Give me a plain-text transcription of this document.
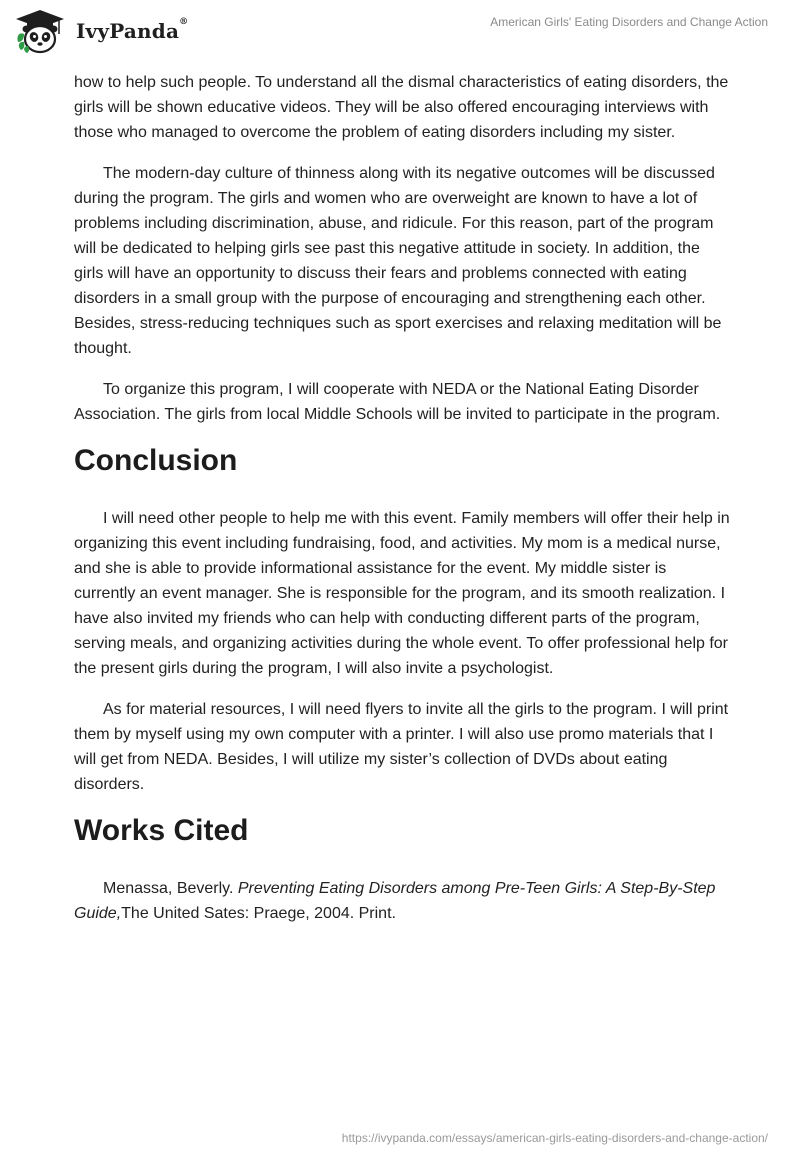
IvyPanda®	American Girls' Eating Disorders and Change Action

how to help such people. To understand all the dismal characteristics of eating disorders, the girls will be shown educative videos. They will be also offered encouraging interviews with those who managed to overcome the problem of eating disorders including my sister.

The modern-day culture of thinness along with its negative outcomes will be discussed during the program. The girls and women who are overweight are known to have a lot of problems including discrimination, abuse, and ridicule. For this reason, part of the program will be dedicated to helping girls see past this negative attitude in society. In addition, the girls will have an opportunity to discuss their fears and problems connected with eating disorders in a small group with the purpose of encouraging and strengthening each other. Besides, stress-reducing techniques such as sport exercises and relaxing meditation will be thought.

To organize this program, I will cooperate with NEDA or the National Eating Disorder Association. The girls from local Middle Schools will be invited to participate in the program.

Conclusion

I will need other people to help me with this event. Family members will offer their help in organizing this event including fundraising, food, and activities. My mom is a medical nurse, and she is able to provide informational assistance for the event. My middle sister is currently an event manager. She is responsible for the program, and its smooth realization. I have also invited my friends who can help with conducting different parts of the program, serving meals, and organizing activities during the whole event. To offer professional help for the present girls during the program, I will also invite a psychologist.

As for material resources, I will need flyers to invite all the girls to the program. I will print them by myself using my own computer with a printer. I will also use promo materials that I will get from NEDA. Besides, I will utilize my sister’s collection of DVDs about eating disorders.

Works Cited

Menassa, Beverly. Preventing Eating Disorders among Pre-Teen Girls: A Step-By-Step Guide,The United Sates: Praege, 2004. Print.

https://ivypanda.com/essays/american-girls-eating-disorders-and-change-action/
